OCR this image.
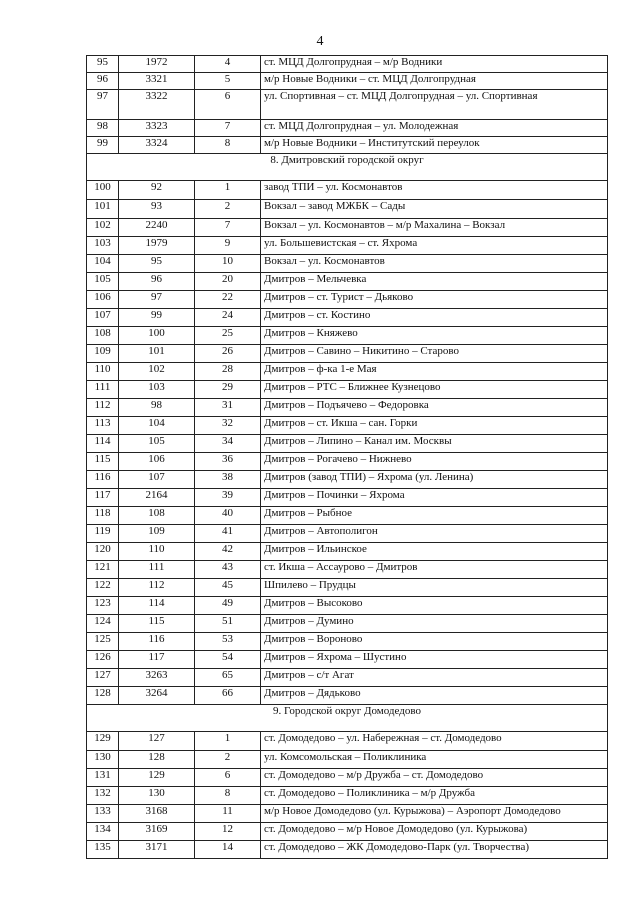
4
95	1972	4	ст. МЦД Долгопрудная – м/р Водники
96	3321	5	м/р Новые Водники – ст. МЦД Долгопрудная
97	3322	6	ул. Спортивная – ст. МЦД Долгопрудная – ул. Спортивная
98	3323	7	ст. МЦД Долгопрудная – ул. Молодежная
99	3324	8	м/р Новые Водники – Институтский переулок
8. Дмитровский городской округ			

100	92	1	завод ТПИ – ул. Космонавтов
101	93	2	Вокзал – завод МЖБК – Сады
102	2240	7	Вокзал – ул. Космонавтов – м/р Махалина – Вокзал
103	1979	9	ул. Большевистская – ст. Яхрома
104	95	10	Вокзал – ул. Космонавтов
105	96	20	Дмитров – Мельчевка
106	97	22	Дмитров – ст. Турист – Дьяково
107	99	24	Дмитров – ст. Костино
108	100	25	Дмитров – Княжево
109	101	26	Дмитров – Савино – Никитино – Старово
110	102	28	Дмитров – ф-ка 1-е Мая
111	103	29	Дмитров – РТС – Ближнее Кузнецово
112	98	31	Дмитров – Подъячево – Федоровка
113	104	32	Дмитров – ст. Икша – сан. Горки
114	105	34	Дмитров – Липино – Канал им. Москвы
115	106	36	Дмитров – Рогачево – Нижнево
116	107	38	Дмитров (завод ТПИ) – Яхрома (ул. Ленина)
117	2164	39	Дмитров – Починки – Яхрома
118	108	40	Дмитров – Рыбное
119	109	41	Дмитров – Автополигон
120	110	42	Дмитров – Ильинское
121	111	43	ст. Икша – Ассаурово – Дмитров
122	112	45	Шпилево – Прудцы
123	114	49	Дмитров – Высоково
124	115	51	Дмитров – Думино
125	116	53	Дмитров – Вороново
126	117	54	Дмитров – Яхрома – Шустино
127	3263	65	Дмитров – с/т Агат
128	3264	66	Дмитров – Дядьково
9. Городской округ Домодедово			

129	127	1	ст. Домодедово – ул. Набережная – ст. Домодедово
130	128	2	ул. Комсомольская – Поликлиника
131	129	6	ст. Домодедово – м/р Дружба – ст. Домодедово
132	130	8	ст. Домодедово – Поликлиника – м/р Дружба
133	3168	11	м/р Новое Домодедово (ул. Курыжова) – Аэропорт Домодедово
134	3169	12	ст. Домодедово – м/р Новое Домодедово (ул. Курыжова)
135	3171	14	ст. Домодедово – ЖК Домодедово-Парк (ул. Творчества)
